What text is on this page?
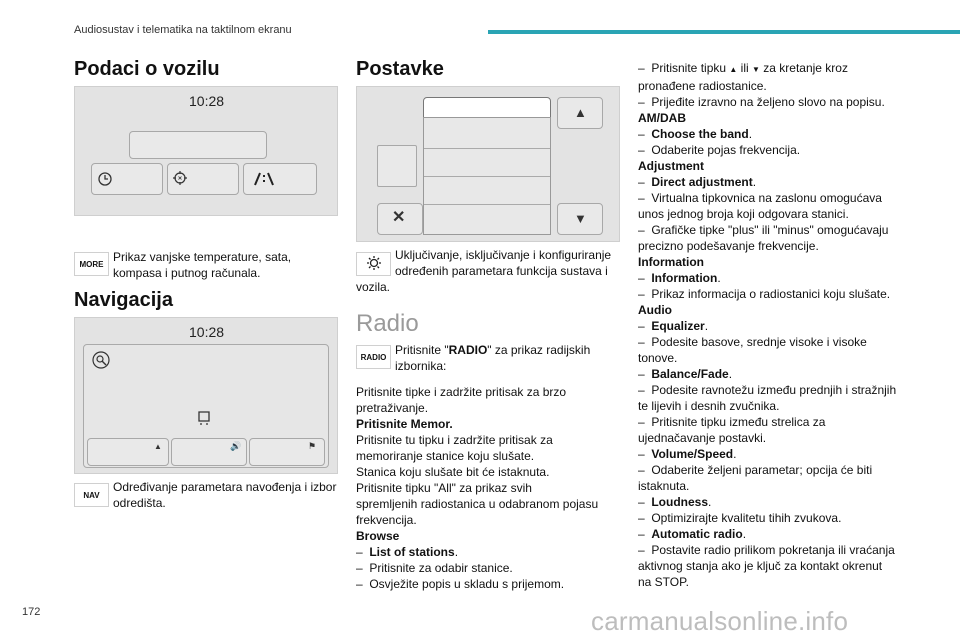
Audiosustav i telematika na taktilnom ekranu
Podaci o vozilu
10:28
MORE Prikaz vanjske temperature, sata,
kompasa i putnog računala.
Navigacija
10:28
▲	🔊	⚑
NAV
Određivanje parametara navođenja i izbor
odredišta.
Postavke
▲
✕	▼
Uključivanje, isključivanje i konfiguriranje
određenih parametara funkcija sustava i
vozila.
Radio
RADIO Pritisnite "RADIO" za prikaz radijskih
izbornika:
Pritisnite tipke i zadržite pritisak za brzo
pretraživanje.
Pritisnite Memor.
Pritisnite tu tipku i zadržite pritisak za
memoriranje stanice koju slušate.
Stanica koju slušate bit će istaknuta.
Pritisnite tipku "All" za prikaz svih
spremljenih radiostanica u odabranom pojasu
frekvencija.
Browse
–  List of stations.
–  Pritisnite za odabir stanice.
–  Osvježite popis u skladu s prijemom.
–  Pritisnite tipku ▲ ili ▼ za kretanje kroz
pronađene radiostanice.
–  Prijeđite izravno na željeno slovo na popisu.
AM/DAB
–  Choose the band.
–  Odaberite pojas frekvencija.
Adjustment
–  Direct adjustment.
–  Virtualna tipkovnica na zaslonu omogućava
unos jednog broja koji odgovara stanici.
–  Grafičke tipke "plus" ili "minus" omogućavaju
precizno podešavanje frekvencije.
Information
–  Information.
–  Prikaz informacija o radiostanici koju slušate.
Audio
–  Equalizer.
–  Podesite basove, srednje visoke i visoke
tonove.
–  Balance/Fade.
–  Podesite ravnotežu između prednjih i stražnjih
te lijevih i desnih zvučnika.
–  Pritisnite tipku između strelica za
ujednačavanje postavki.
–  Volume/Speed.
–  Odaberite željeni parametar; opcija će biti
istaknuta.
–  Loudness.
–  Optimizirajte kvalitetu tihih zvukova.
–  Automatic radio.
–  Postavite radio prilikom pokretanja ili vraćanja
aktivnog stanja ako je ključ za kontakt okrenut
na STOP.
172	carmanualsonline.info
